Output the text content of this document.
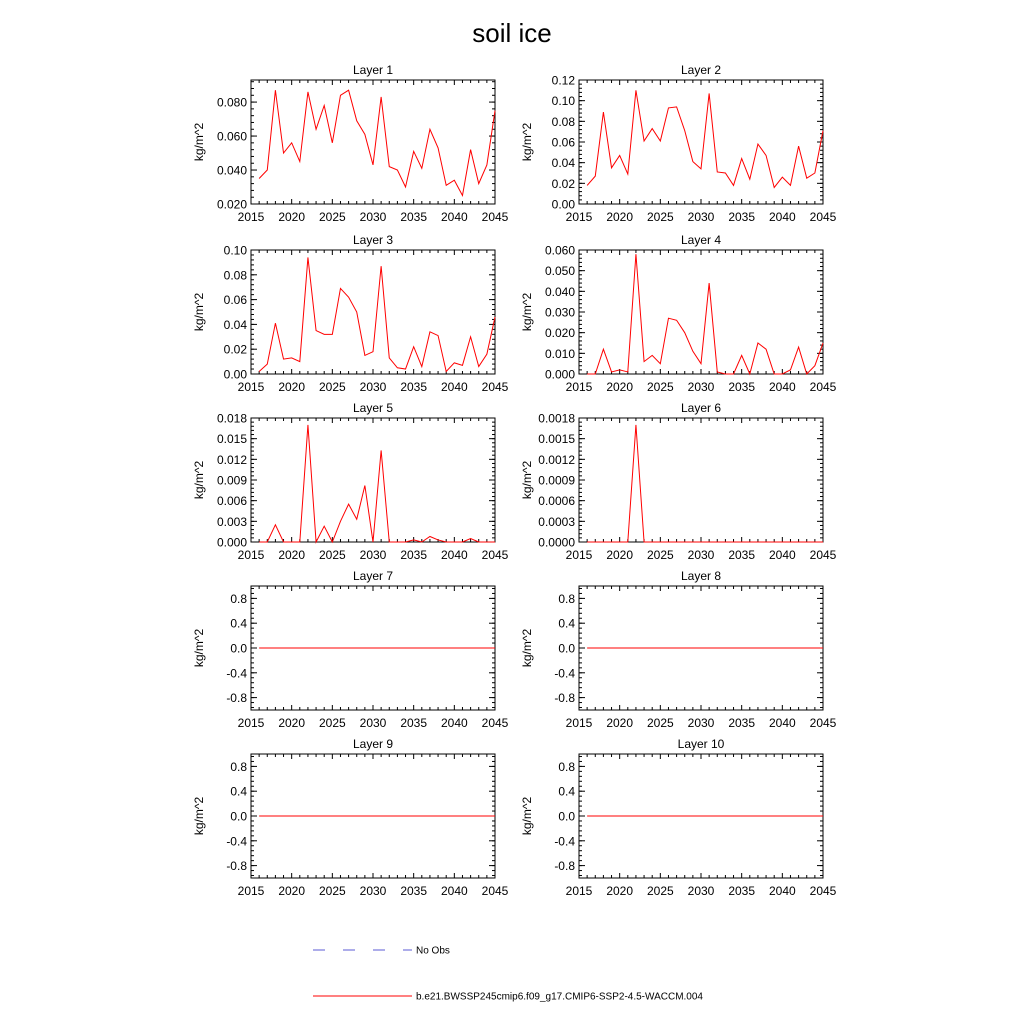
soil ice
Layer 1
2015 2020 2025 2030 2035 2040 2045
0.020
0.040
0.060
0.080
kg/m^2
Layer 2
2015 2020 2025 2030 2035 2040 2045
0.00
0.02
0.04
0.06
0.08
0.10
0.12
kg/m^2
Layer 3
2015 2020 2025 2030 2035 2040 2045
0.00
0.02
0.04
0.06
0.08
0.10
kg/m^2
Layer 4
2015 2020 2025 2030 2035 2040 2045
0.000
0.010
0.020
0.030
0.040
0.050
0.060
kg/m^2
Layer 5
2015 2020 2025 2030 2035 2040 2045
0.000
0.003
0.006
0.009
0.012
0.015
0.018
kg/m^2
Layer 6
2015 2020 2025 2030 2035 2040 2045
0.0000
0.0003
0.0006
0.0009
0.0012
0.0015
0.0018
kg/m^2
Layer 7
2015 2020 2025 2030 2035 2040 2045
-0.8
-0.4
0.0
0.4
0.8
kg/m^2
Layer 8
2015 2020 2025 2030 2035 2040 2045
-0.8
-0.4
0.0
0.4
0.8
kg/m^2
Layer 9
2015 2020 2025 2030 2035 2040 2045
-0.8
-0.4
0.0
0.4
0.8
kg/m^2
Layer 10
2015 2020 2025 2030 2035 2040 2045
-0.8
-0.4
0.0
0.4
0.8
kg/m^2
No Obs
b.e21.BWSSP245cmip6.f09_g17.CMIP6-SSP2-4.5-WACCM.004
